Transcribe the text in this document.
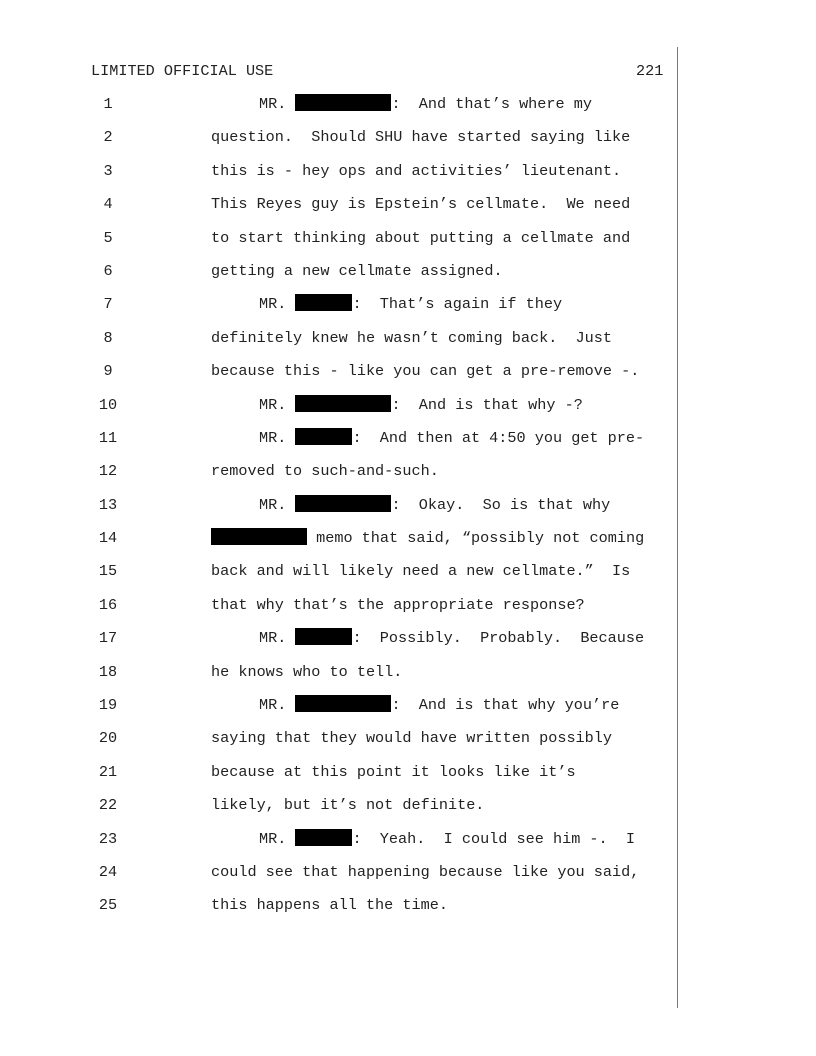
LIMITED OFFICIAL USE	221
1	MR.	:  And that’s where my
2	question.  Should SHU have started saying like
3	this is - hey ops and activities’ lieutenant.
4	This Reyes guy is Epstein’s cellmate.  We need
5	to start thinking about putting a cellmate and
6	getting a new cellmate assigned.
7	MR.	:  That’s again if they
8	definitely knew he wasn’t coming back.  Just
9	because this - like you can get a pre-remove -.
10	MR.	:  And is that why -?
11	MR.	:  And then at 4:50 you get pre-
12	removed to such-and-such.
13	MR.	:  Okay.  So is that why
14	memo that said, “possibly not coming
15	back and will likely need a new cellmate.”  Is
16	that why that’s the appropriate response?
17	MR.	:  Possibly.  Probably.  Because
18	he knows who to tell.
19	MR.	:  And is that why you’re
20	saying that they would have written possibly
21	because at this point it looks like it’s
22	likely, but it’s not definite.
23	MR.	:  Yeah.  I could see him -.  I
24	could see that happening because like you said,
25	this happens all the time.
